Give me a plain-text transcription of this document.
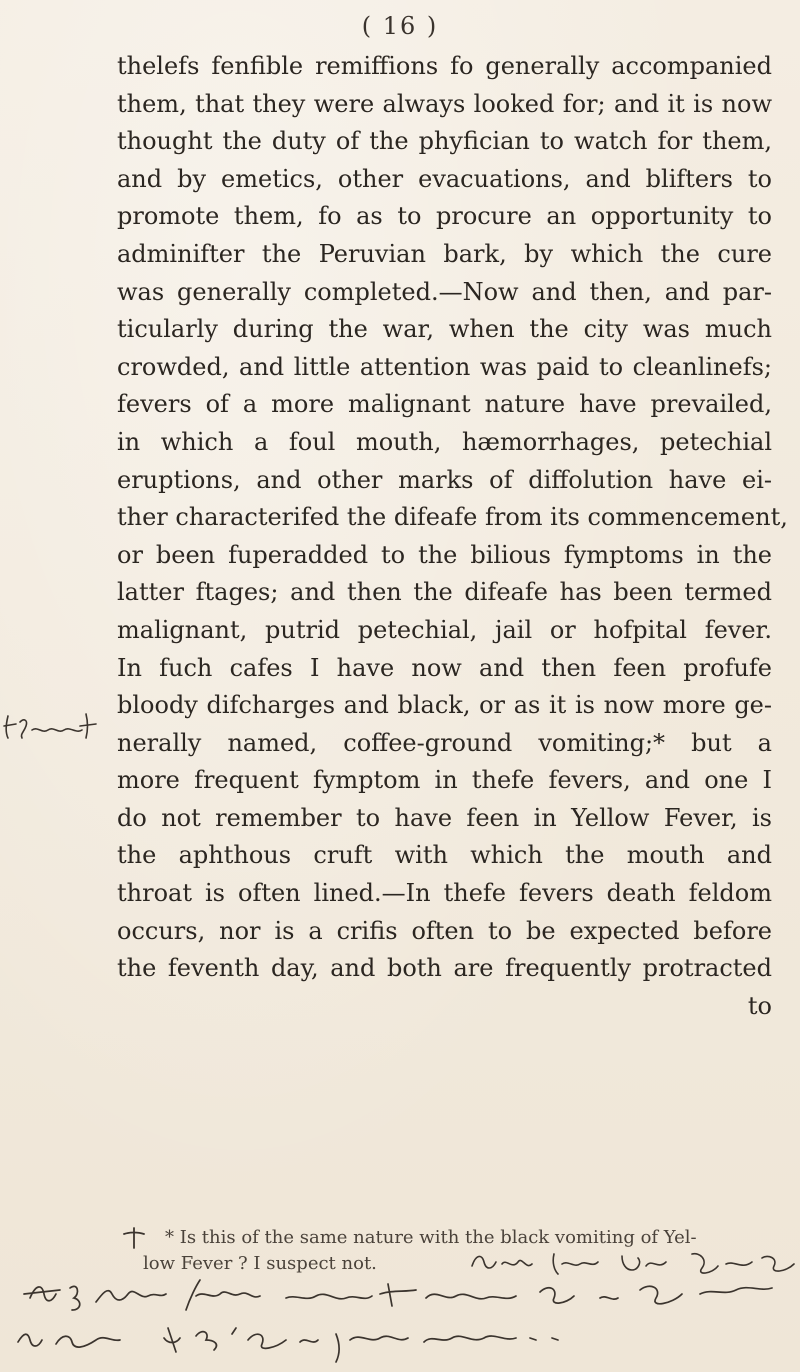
( 16 )
thelefs fenfible remiffions fo generally accompanied
them, that they were always looked for; and it is now
thought the duty of the phyfician to watch for them,
and by emetics, other evacuations, and blifters to
promote them, fo as to procure an opportunity to
adminifter the Peruvian bark, by which the cure
was generally completed.—Now and then, and par-
ticularly during the war, when the city was much
crowded, and little attention was paid to cleanlinefs;
fevers of a more malignant nature have prevailed,
in which a foul mouth, hæmorrhages, petechial
eruptions, and other marks of diffolution have ei-
ther characterifed the difeafe from its commencement,
or been fuperadded to the bilious fymptoms in the
latter ftages; and then the difeafe has been termed
malignant, putrid petechial, jail or hofpital fever.
In fuch cafes I have now and then feen profufe
bloody difcharges and black, or as it is now more ge-
nerally named, coffee-ground vomiting;* but a
more frequent fymptom in thefe fevers, and one I
do not remember to have feen in Yellow Fever, is
the aphthous cruft with which the mouth and
throat is often lined.—In thefe fevers death feldom
occurs, nor is a crifis often to be expected before
the feventh day, and both are frequently protracted
to
* Is this of the same nature with the black vomiting of Yel-
low Fever ? I suspect not.
